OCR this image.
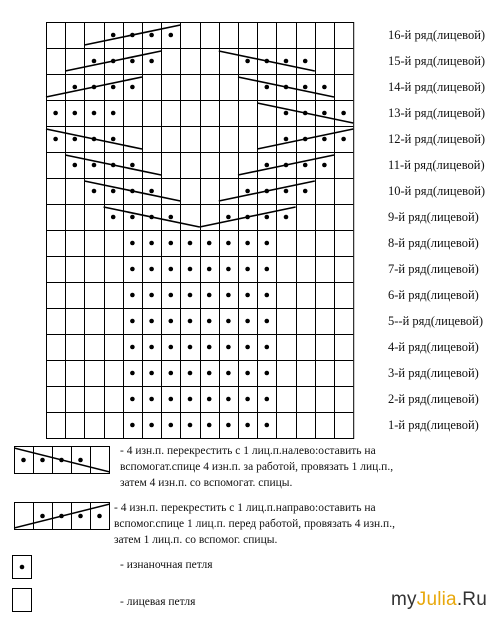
16-й ряд(лицевой)
15-й ряд(лицевой)
14-й ряд(лицевой)
13-й ряд(лицевой)
12-й ряд(лицевой)
11-й ряд(лицевой)
10-й ряд(лицевой)
9-й ряд(лицевой)
8-й ряд(лицевой)
7-й ряд(лицевой)
6-й ряд(лицевой)
5--й ряд(лицевой)
4-й ряд(лицевой)
3-й ряд(лицевой)
2-й ряд(лицевой)
1-й ряд(лицевой)
- 4 изн.п. перекрестить с 1 лиц.п.налево:оставить на
вспомогат.спице 4 изн.п. за работой, провязать 1 лиц.п.,
затем 4 изн.п. со вспомогат. спицы.
- 4 изн.п. перекрестить с 1 лиц.п.направо:оставить на
вспомог.спице 1 лиц.п. перед работой, провязать 4 изн.п.,
затем 1 лиц.п. со вспомог. спицы.
- изнаночная петля
- лицевая петля	myJulia.Ru
